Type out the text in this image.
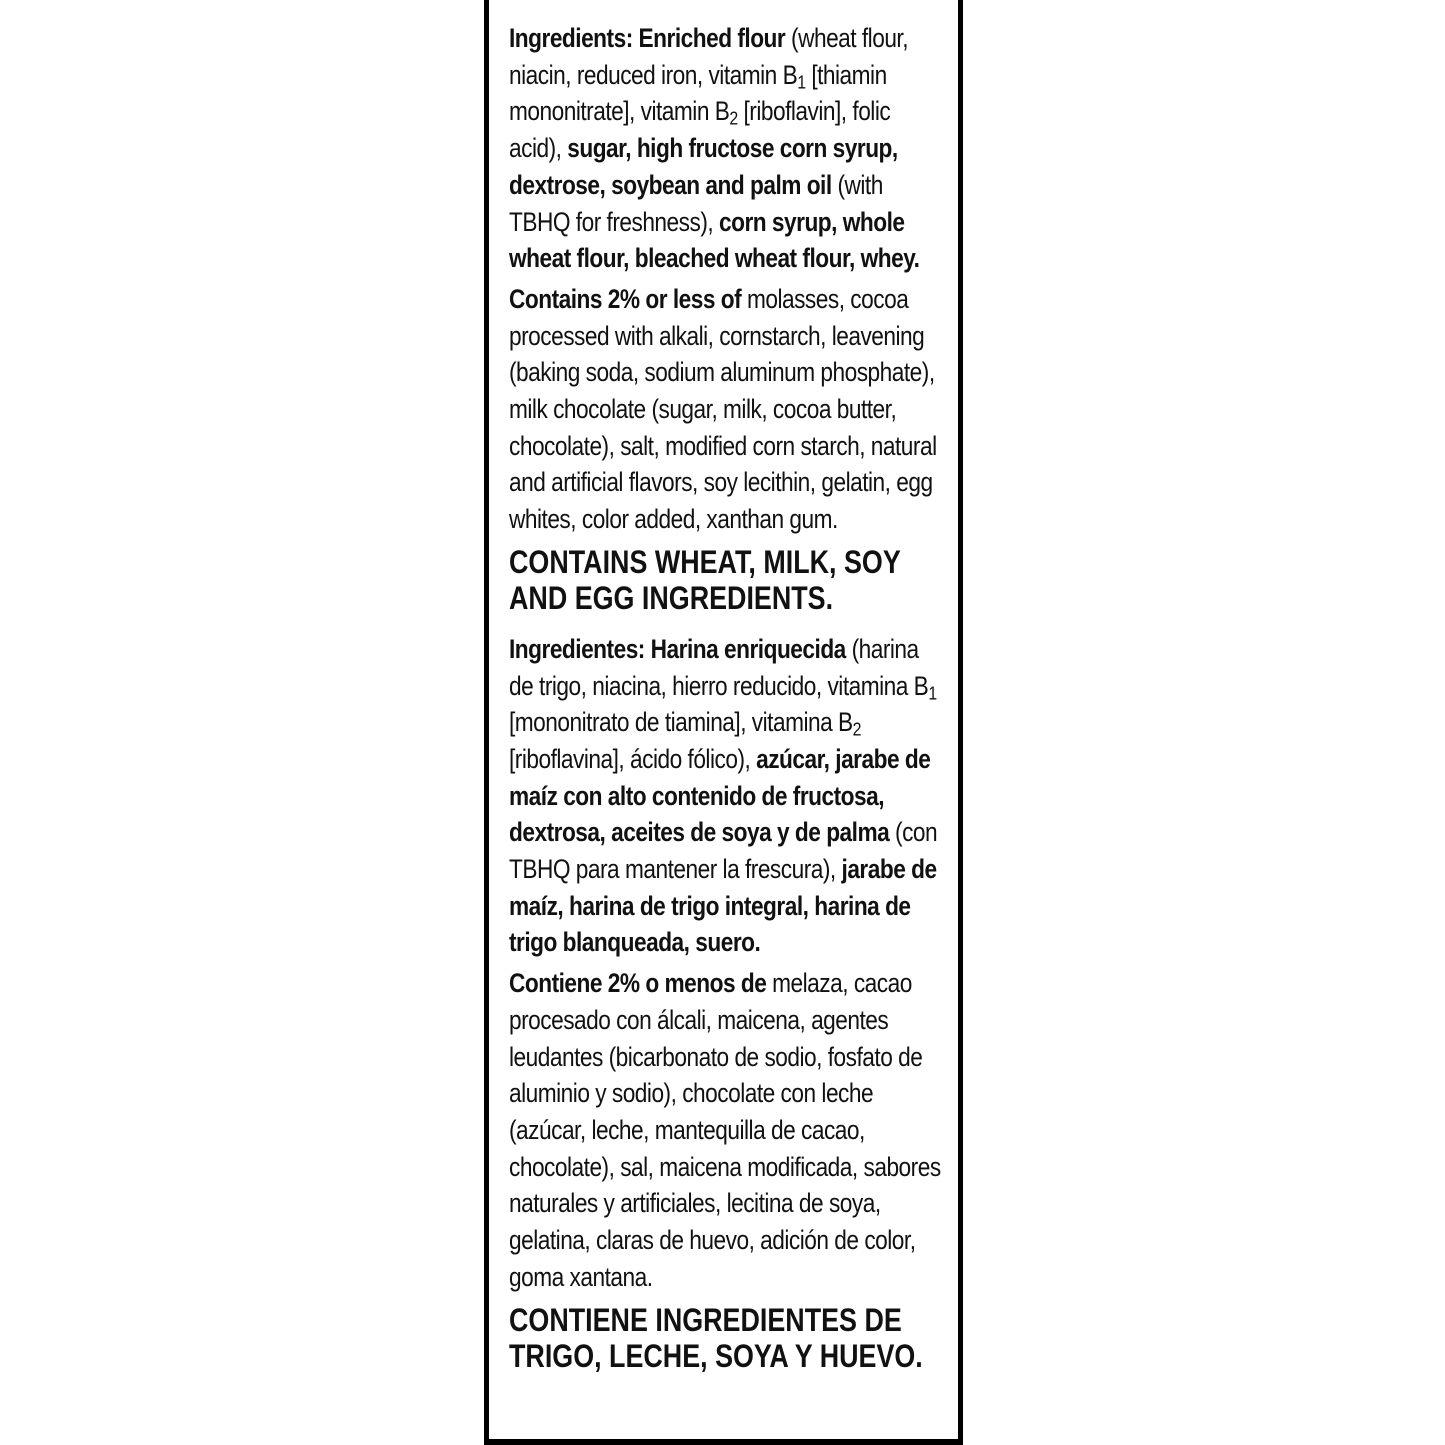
Ingredients: Enriched flour (wheat flour, niacin, reduced iron, vitamin $B_1$ [thiamin mononitrate], vitamin $B_2$ [riboflavin], folic acid), sugar, high fructose corn syrup, dextrose, soybean and palm oil (with TBHQ for freshness), corn syrup, whole wheat flour, bleached wheat flour, whey.

Contains 2% or less of molasses, cocoa processed with alkali, cornstarch, leavening (baking soda, sodium aluminum phosphate), milk chocolate (sugar, milk, cocoa butter, chocolate), salt, modified corn starch, natural and artificial flavors, soy lecithin, gelatin, egg whites, color added, xanthan gum.

CONTAINS WHEAT, MILK, SOY AND EGG INGREDIENTS.

Ingredientes: Harina enriquecida (harina de trigo, niacina, hierro reducido, vitamina $B_1$ [mononitrato de tiamina], vitamina $B_2$ [riboflavina], ácido fólico), azúcar, jarabe de maíz con alto contenido de fructosa, dextrosa, aceites de soya y de palma (con TBHQ para mantener la frescura), jarabe de maíz, harina de trigo integral, harina de trigo blanqueada, suero.

Contiene 2% o menos de melaza, cacao procesado con álcali, maicena, agentes leudantes (bicarbonato de sodio, fosfato de aluminio y sodio), chocolate con leche (azúcar, leche, mantequilla de cacao, chocolate), sal, maicena modificada, sabores naturales y artificiales, lecitina de soya, gelatina, claras de huevo, adición de color, goma xantana.

CONTIENE INGREDIENTES DE TRIGO, LECHE, SOYA Y HUEVO.
